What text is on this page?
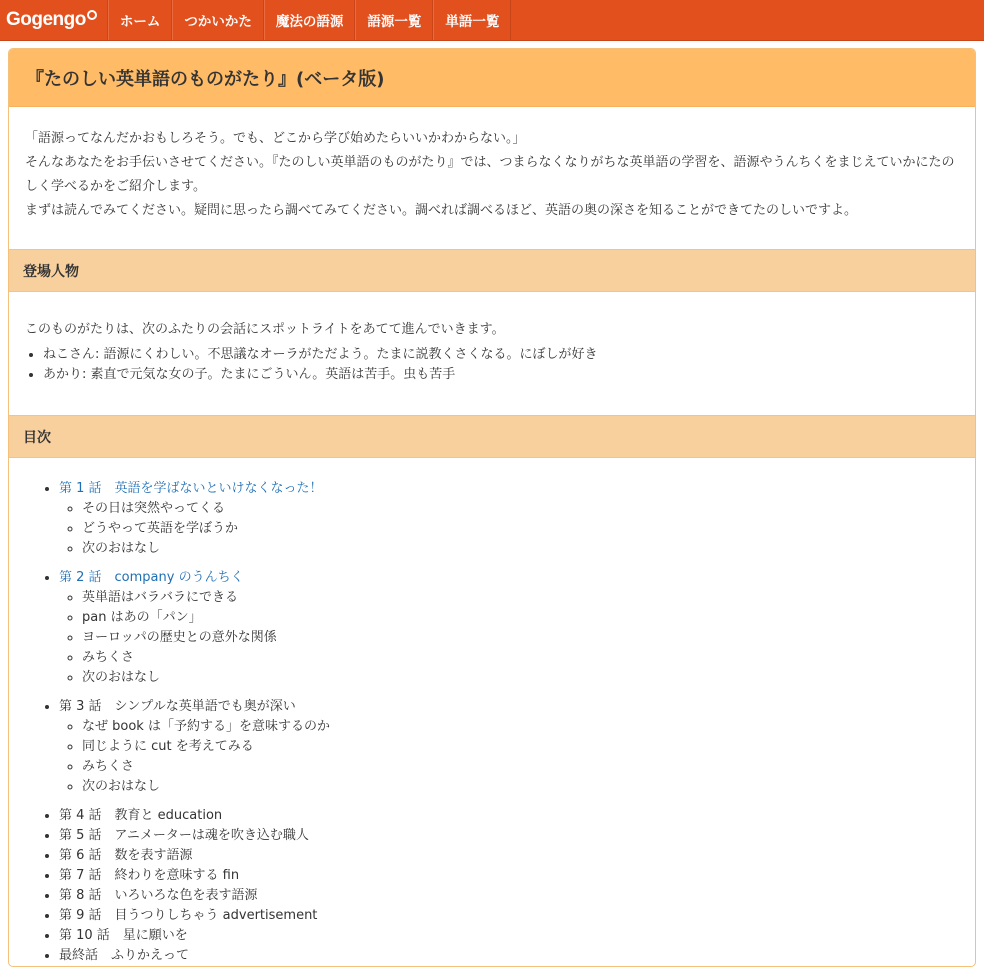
Gogengo	ホーム	つかいかた	魔法の語源	語源一覧	単語一覧
『たのしい英単語のものがたり』(ベータ版)

「語源ってなんだかおもしろそう。でも、どこから学び始めたらいいかわからない。」

そんなあなたをお手伝いさせてください。『たのしい英単語のものがたり』では、つまらなくなりがちな英単語の学習を、語源やうんちくをまじえていかにたのしく学べるかをご紹介します。

まずは読んでみてください。疑問に思ったら調べてみてください。調べれば調べるほど、英語の奥の深さを知ることができてたのしいですよ。

登場人物

このものがたりは、次のふたりの会話にスポットライトをあてて進んでいきます。

• ねこさん: 語源にくわしい。不思議なオーラがただよう。たまに説教くさくなる。にぼしが好き
• あかり: 素直で元気な女の子。たまにごういん。英語は苦手。虫も苦手
目次
• 第 1 話　英語を学ばないといけなくなった！
◦ その日は突然やってくる
◦ どうやって英語を学ぼうか
◦ 次のおはなし
• 第 2 話　company のうんちく
◦ 英単語はバラバラにできる
◦ pan はあの「パン」
◦ ヨーロッパの歴史との意外な関係
◦ みちくさ
◦ 次のおはなし
• 第 3 話　シンプルな英単語でも奥が深い
◦ なぜ book は「予約する」を意味するのか
◦ 同じように cut を考えてみる
◦ みちくさ
◦ 次のおはなし
• 第 4 話　教育と education
• 第 5 話　アニメーターは魂を吹き込む職人
• 第 6 話　数を表す語源
• 第 7 話　終わりを意味する fin
• 第 8 話　いろいろな色を表す語源
• 第 9 話　目うつりしちゃう advertisement
• 第 10 話　星に願いを
• 最終話　ふりかえって
